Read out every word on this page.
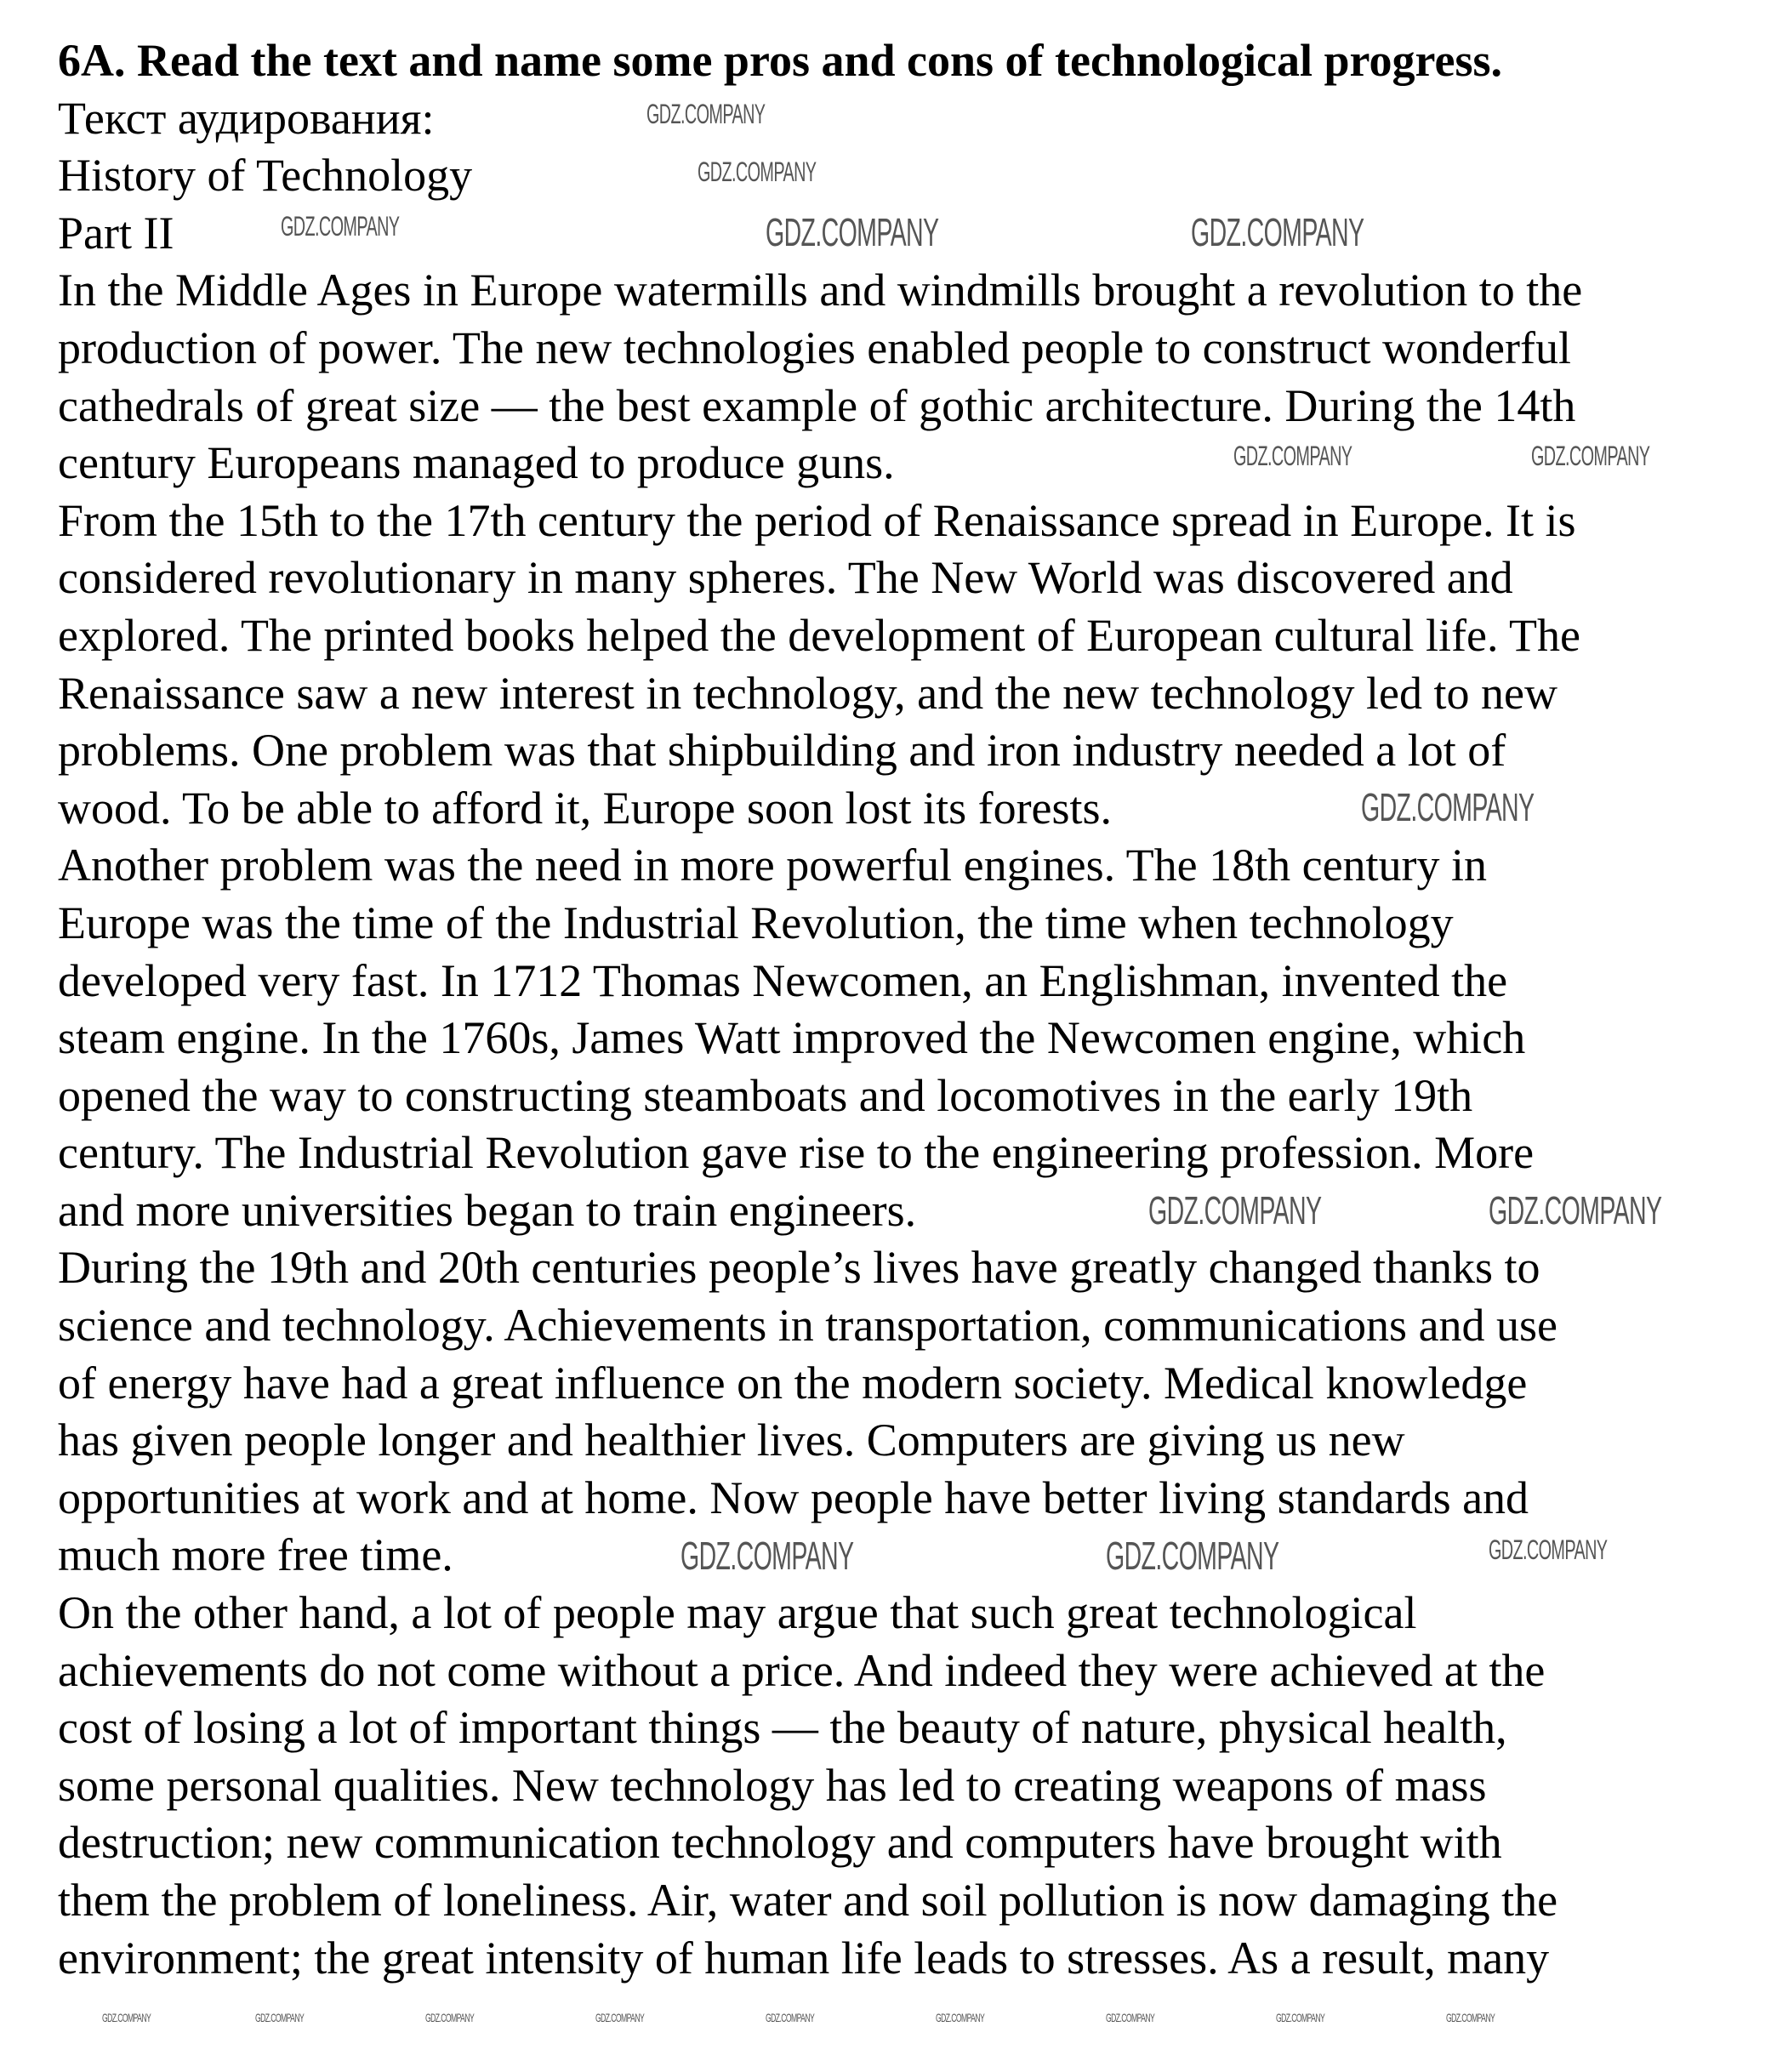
6A. Read the text and name some pros and cons of technological progress.
Текст аудирования:
History of Technology
Part II
In the Middle Ages in Europe watermills and windmills brought a revolution to the
production of power. The new technologies enabled people to construct wonderful
cathedrals of great size — the best example of gothic architecture. During the 14th
century Europeans managed to produce guns.
From the 15th to the 17th century the period of Renaissance spread in Europe. It is
considered revolutionary in many spheres. The New World was discovered and
explored. The printed books helped the development of European cultural life. The
Renaissance saw a new interest in technology, and the new technology led to new
problems. One problem was that shipbuilding and iron industry needed a lot of
wood. To be able to afford it, Europe soon lost its forests.
Another problem was the need in more powerful engines. The 18th century in
Europe was the time of the Industrial Revolution, the time when technology
developed very fast. In 1712 Thomas Newcomen, an Englishman, invented the
steam engine. In the 1760s, James Watt improved the Newcomen engine, which
opened the way to constructing steamboats and locomotives in the early 19th
century. The Industrial Revolution gave rise to the engineering profession. More
and more universities began to train engineers.
During the 19th and 20th centuries people’s lives have greatly changed thanks to
science and technology. Achievements in transportation, communications and use
of energy have had a great influence on the modern society. Medical knowledge
has given people longer and healthier lives. Computers are giving us new
opportunities at work and at home. Now people have better living standards and
much more free time.
On the other hand, a lot of people may argue that such great technological
achievements do not come without a price. And indeed they were achieved at the
cost of losing a lot of important things — the beauty of nature, physical health,
some personal qualities. New technology has led to creating weapons of mass
destruction; new communication technology and computers have brought with
them the problem of loneliness. Air, water and soil pollution is now damaging the
environment; the great intensity of human life leads to stresses. As a result, many
GDZ.COMPANY
GDZ.COMPANY
GDZ.COMPANY	GDZ.COMPANY	GDZ.COMPANY
GDZ.COMPANY	GDZ.COMPANY
GDZ.COMPANY
GDZ.COMPANY	GDZ.COMPANY
GDZ.COMPANY	GDZ.COMPANY	GDZ.COMPANY
GDZ.COMPANY	GDZ.COMPANY	GDZ.COMPANY	GDZ.COMPANY	GDZ.COMPANY	GDZ.COMPANY	GDZ.COMPANY	GDZ.COMPANY	GDZ.COMPANY
